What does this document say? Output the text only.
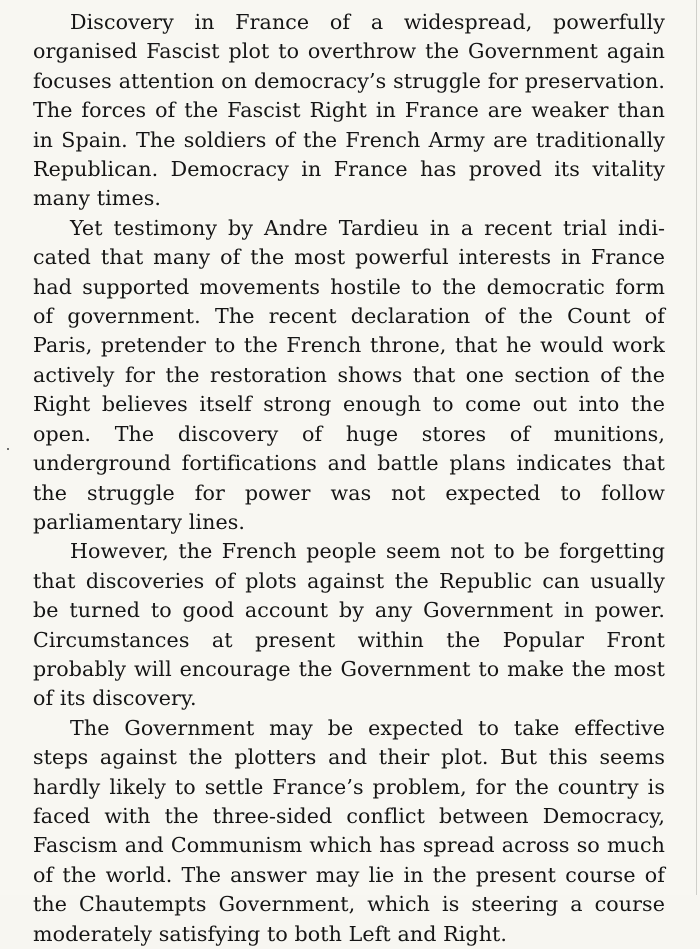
Discovery in France of a widespread, powerfully organised Fascist plot to overthrow the Government again focuses attention on democracy’s struggle for preservation. The forces of the Fascist Right in France are weaker than in Spain. The soldiers of the French Army are traditionally Republican. Democracy in France has proved its vitality many times.

Yet testimony by Andre Tardieu in a recent trial indicated that many of the most powerful interests in France had supported movements hostile to the democratic form of government. The recent declaration of the Count of Paris, pretender to the French throne, that he would work actively for the restoration shows that one section of the Right believes itself strong enough to come out into the open. The discovery of huge stores of munitions, underground fortifications and battle plans indicates that the struggle for power was not expected to follow parliamentary lines.

However, the French people seem not to be forgetting that discoveries of plots against the Republic can usually be turned to good account by any Government in power. Circumstances at present within the Popular Front probably will encourage the Government to make the most of its discovery.

The Government may be expected to take effective steps against the plotters and their plot. But this seems hardly likely to settle France’s problem, for the country is faced with the three-sided conflict between Democracy, Fascism and Communism which has spread across so much of the world. The answer may lie in the present course of the Chautempts Government, which is steering a course moderately satisfying to both Left and Right.
